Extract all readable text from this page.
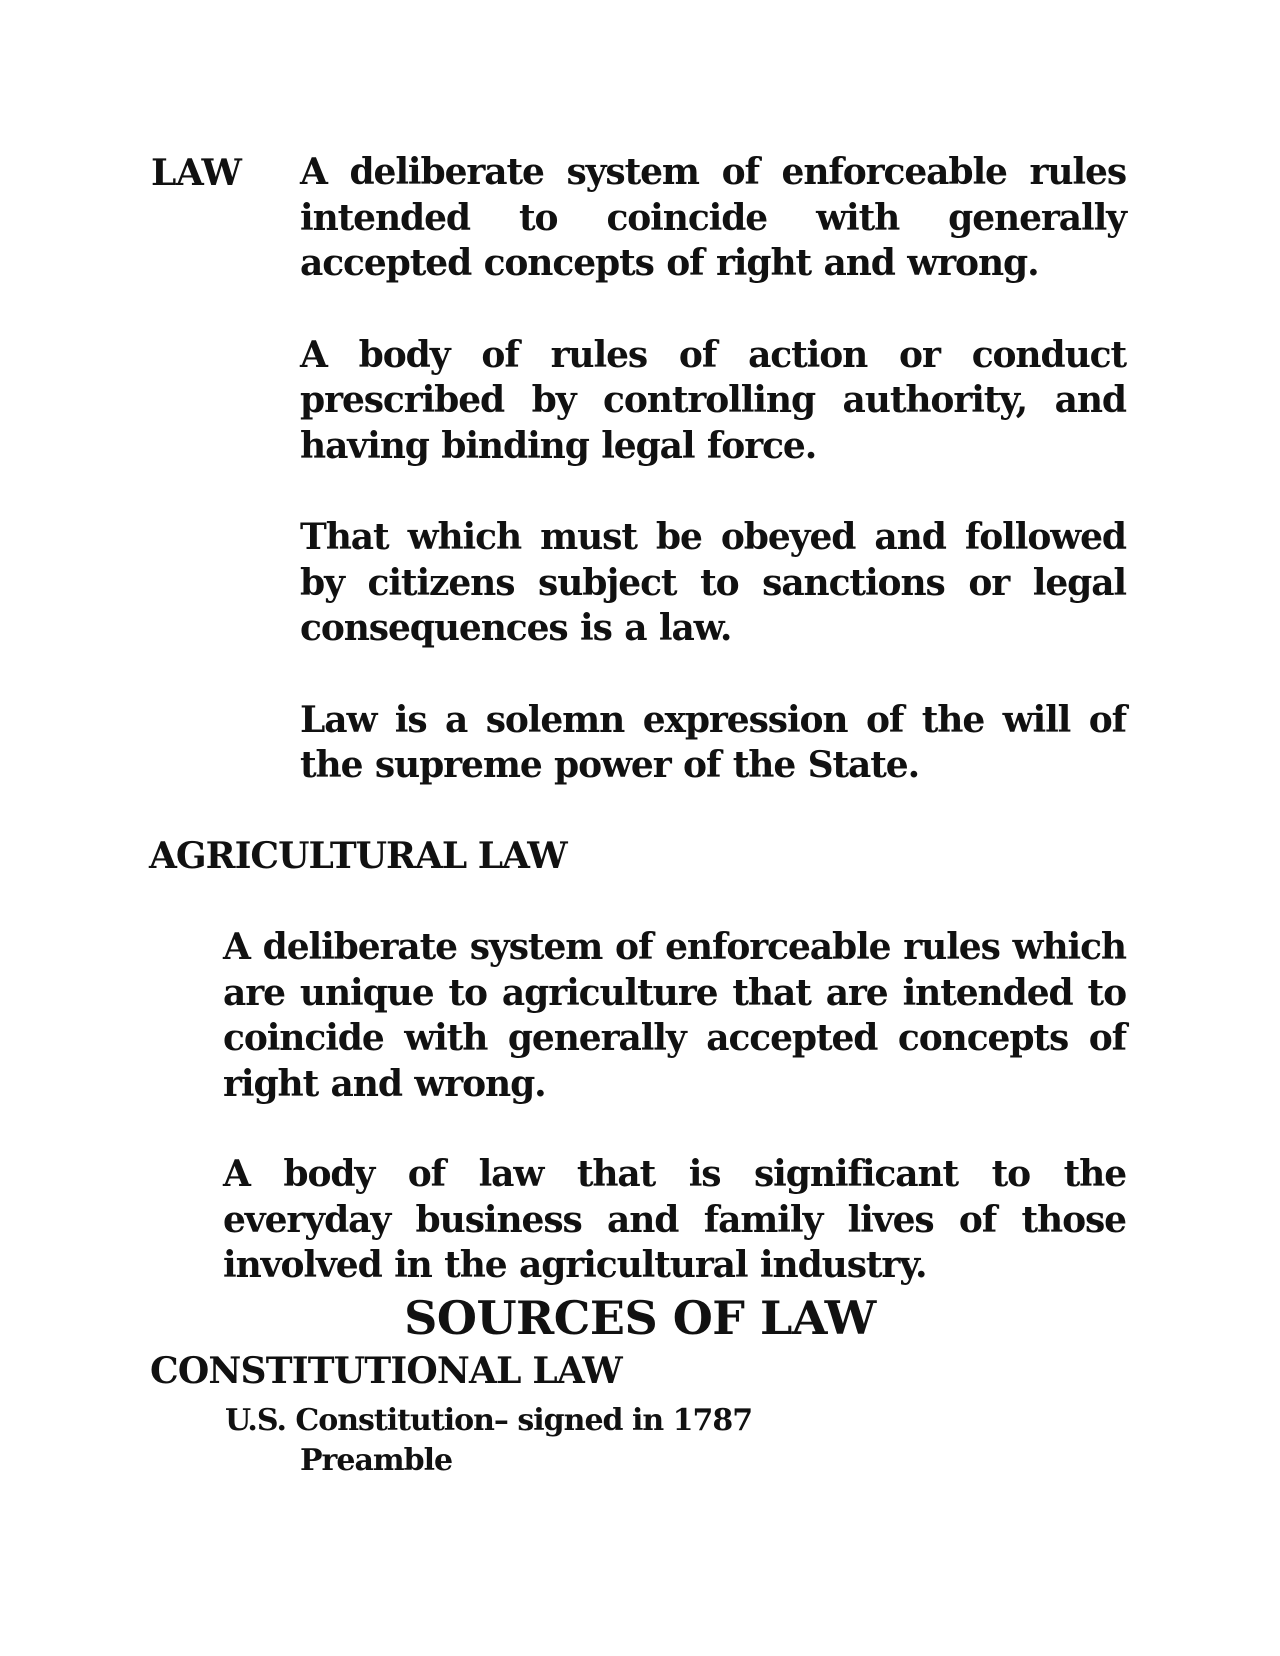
LAW A deliberate system of enforceable rules intended to coincide with generally accepted concepts of right and wrong.

A body of rules of action or conduct prescribed by controlling authority, and having binding legal force.

That which must be obeyed and followed by citizens subject to sanctions or legal consequences is a law.

Law is a solemn expression of the will of the supreme power of the State.

AGRICULTURAL LAW

A deliberate system of enforceable rules which are unique to agriculture that are intended to coincide with generally accepted concepts of right and wrong.

A body of law that is significant to the everyday business and family lives of those involved in the agricultural industry.

SOURCES OF LAW
CONSTITUTIONAL LAW
U.S. Constitution– signed in 1787
Preamble
